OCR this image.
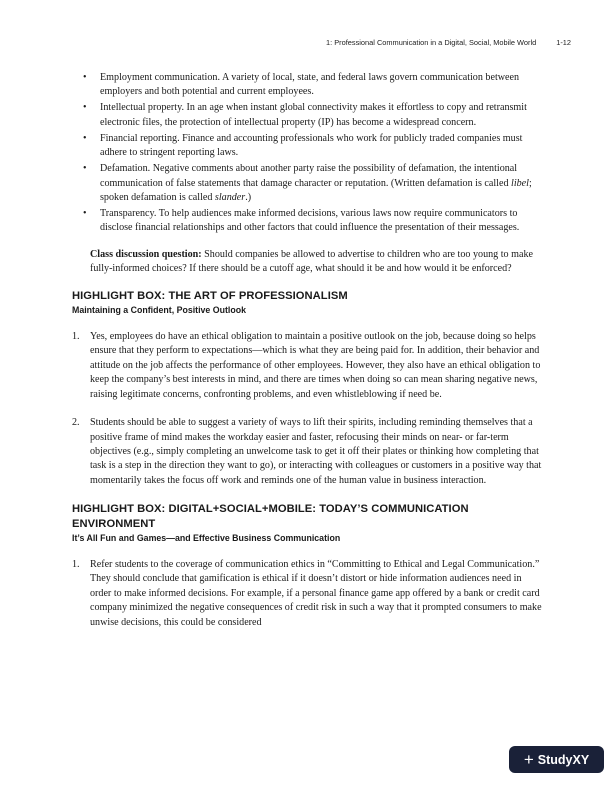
1: Professional Communication in a Digital, Social, Mobile World	1-12
• Employment communication. A variety of local, state, and federal laws govern communication between employers and both potential and current employees.
• Intellectual property. In an age when instant global connectivity makes it effortless to copy and retransmit electronic files, the protection of intellectual property (IP) has become a widespread concern.
• Financial reporting. Finance and accounting professionals who work for publicly traded companies must adhere to stringent reporting laws.
• Defamation. Negative comments about another party raise the possibility of defamation, the intentional communication of false statements that damage character or reputation. (Written defamation is called libel; spoken defamation is called slander.)
• Transparency. To help audiences make informed decisions, various laws now require communicators to disclose financial relationships and other factors that could influence the presentation of their messages.

Class discussion question: Should companies be allowed to advertise to children who are too young to make fully-informed choices? If there should be a cutoff age, what should it be and how would it be enforced?

HIGHLIGHT BOX: THE ART OF PROFESSIONALISM
Maintaining a Confident, Positive Outlook
1. Yes, employees do have an ethical obligation to maintain a positive outlook on the job, because doing so helps ensure that they perform to expectations—which is what they are being paid for. In addition, their behavior and attitude on the job affects the performance of other employees. However, they also have an ethical obligation to keep the company’s best interests in mind, and there are times when doing so can mean sharing negative news, raising legitimate concerns, confronting problems, and even whistleblowing if need be.
2. Students should be able to suggest a variety of ways to lift their spirits, including reminding themselves that a positive frame of mind makes the workday easier and faster, refocusing their minds on near- or far-term objectives (e.g., simply completing an unwelcome task to get it off their plates or thinking how completing that task is a step in the direction they want to go), or interacting with colleagues or customers in a positive way that momentarily takes the focus off work and reminds one of the human value in business interaction.
HIGHLIGHT BOX: DIGITAL+SOCIAL+MOBILE: TODAY’S COMMUNICATION ENVIRONMENT
It’s All Fun and Games—and Effective Business Communication
1. Refer students to the coverage of communication ethics in “Committing to Ethical and Legal Communication.” They should conclude that gamification is ethical if it doesn’t distort or hide information audiences need in order to make informed decisions. For example, if a personal finance game app offered by a bank or credit card company minimized the negative consequences of credit risk in such a way that it prompted consumers to make unwise decisions, this could be considered
+ Study XY
